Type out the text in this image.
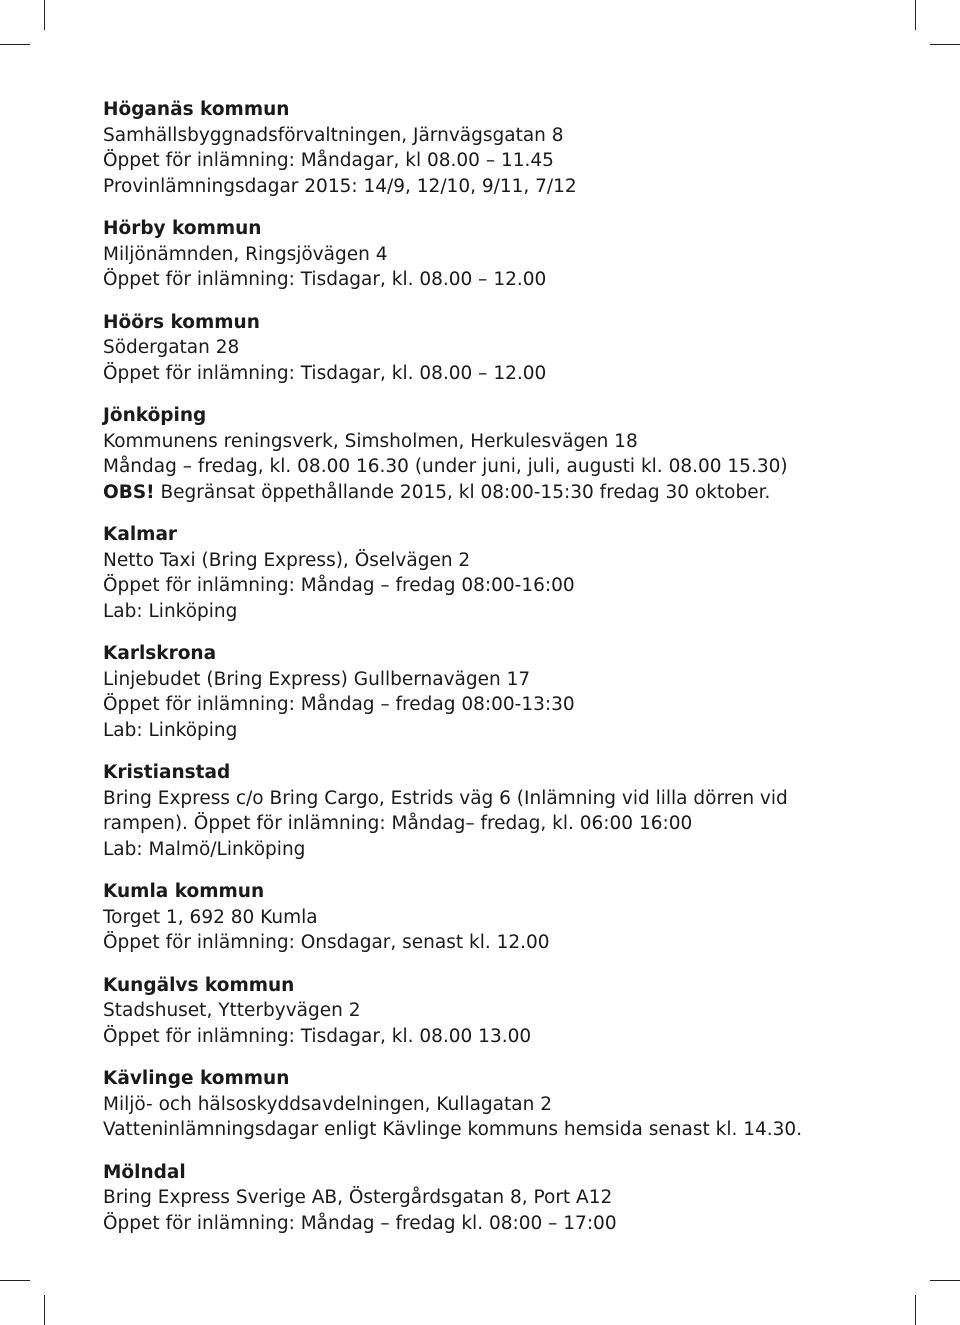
Höganäs kommun

Samhällsbyggnadsförvaltningen, Järnvägsgatan 8

Öppet för inlämning: Måndagar, kl 08.00 – 11.45

Provinlämningsdagar 2015: 14/9, 12/10, 9/11, 7/12

Hörby kommun

Miljönämnden, Ringsjövägen 4

Öppet för inlämning: Tisdagar, kl. 08.00 – 12.00

Höörs kommun

Södergatan 28

Öppet för inlämning: Tisdagar, kl. 08.00 – 12.00

Jönköping

Kommunens reningsverk, Simsholmen, Herkulesvägen 18

Måndag – fredag, kl. 08.00 16.30 (under juni, juli, augusti kl. 08.00 15.30)

OBS! Begränsat öppethållande 2015, kl 08:00-15:30 fredag 30 oktober.

Kalmar

Netto Taxi (Bring Express), Öselvägen 2

Öppet för inlämning: Måndag – fredag 08:00-16:00

Lab: Linköping

Karlskrona

Linjebudet (Bring Express) Gullbernavägen 17

Öppet för inlämning: Måndag – fredag 08:00-13:30

Lab: Linköping

Kristianstad

Bring Express c/o Bring Cargo, Estrids väg 6 (Inlämning vid lilla dörren vid rampen). Öppet för inlämning: Måndag– fredag, kl. 06:00 16:00

Lab: Malmö/Linköping

Kumla kommun

Torget 1, 692 80 Kumla

Öppet för inlämning: Onsdagar, senast kl. 12.00

Kungälvs kommun

Stadshuset, Ytterbyvägen 2

Öppet för inlämning: Tisdagar, kl. 08.00 13.00

Kävlinge kommun

Miljö- och hälsoskyddsavdelningen, Kullagatan 2

Vatteninlämningsdagar enligt Kävlinge kommuns hemsida senast kl. 14.30.

Mölndal

Bring Express Sverige AB, Östergårdsgatan 8, Port A12

Öppet för inlämning: Måndag – fredag kl. 08:00 – 17:00
